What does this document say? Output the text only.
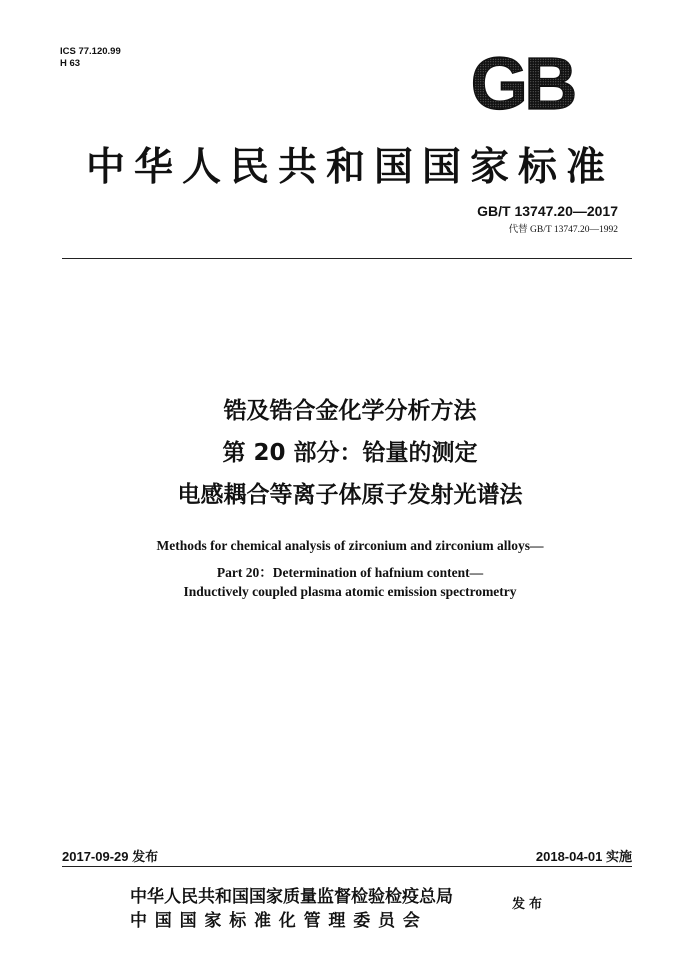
ICS 77.120.99
H 63	GB
中华人民共和国国家标准
GB/T 13747.20—2017
代替 GB/T 13747.20—1992
锆及锆合金化学分析方法
第 20 部分：铪量的测定
电感耦合等离子体原子发射光谱法
Methods for chemical analysis of zirconium and zirconium alloys—
Part 20：Determination of hafnium content—
Inductively coupled plasma atomic emission spectrometry
2017-09-29 发布	2018-04-01 实施
中华人民共和国国家质量监督检验检疫总局
中国国家标准化管理委员会
发布
